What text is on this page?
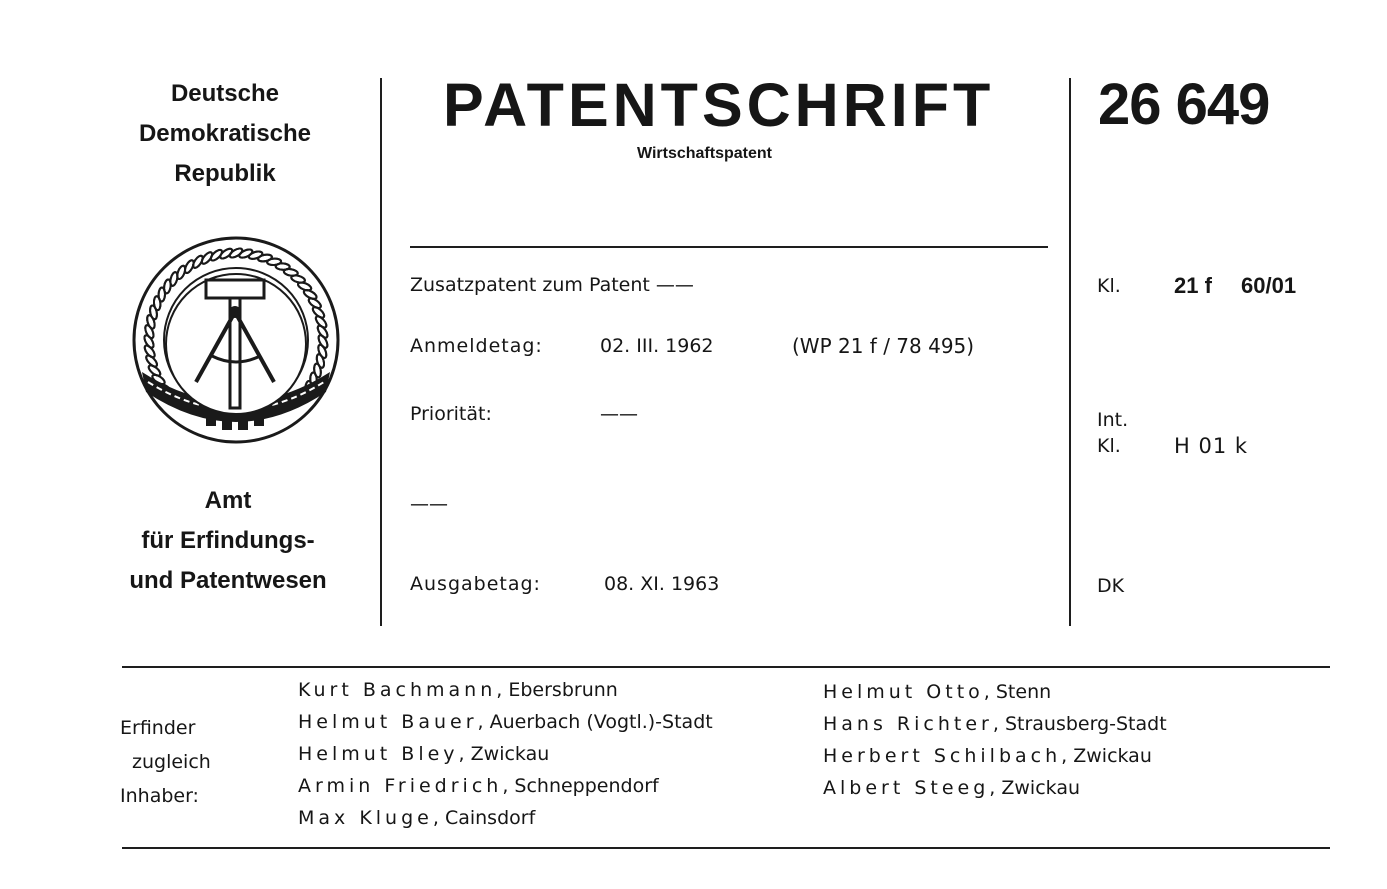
Deutsche
Demokratische
Republik
Amt
für Erfindungs-
und Patentwesen
PATENTSCHRIFT
Wirtschaftspatent
26 649
Zusatzpatent zum Patent ——
Anmeldetag:	02. III. 1962	(WP 21 f / 78 495)
Priorität:	——
——
Ausgabetag:	08. XI. 1963
Kl. 21 f 60/01
Int.
Kl.	H 01 k
DK
Erfinder
zugleich
Inhaber:
Kurt Bachmann, Ebersbrunn
Helmut Bauer, Auerbach (Vogtl.)-Stadt
Helmut Bley, Zwickau
Armin Friedrich, Schneppendorf
Max Kluge, Cainsdorf
Helmut Otto, Stenn
Hans Richter, Strausberg-Stadt
Herbert Schilbach, Zwickau
Albert Steeg, Zwickau
